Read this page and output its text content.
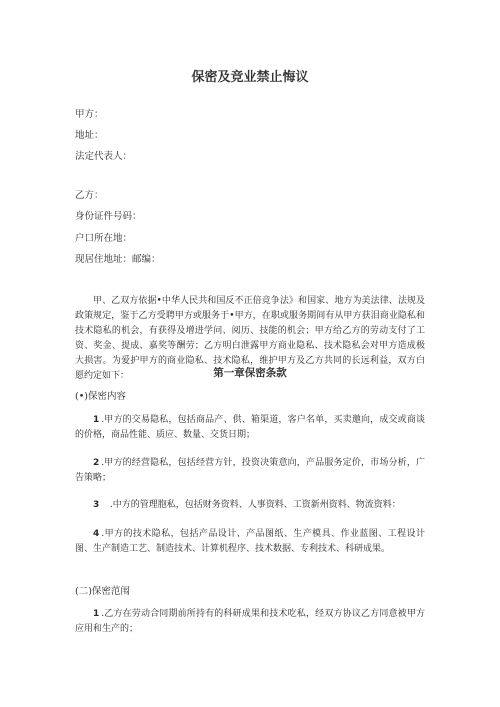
保密及竞业禁止悔议
甲方：
地址：
法定代表人：
乙方：
身份证件号码：
户口所在地：
现居住地址：邮编：

甲、乙双方依据•中华人民共和国反不正倍竞争法》和国家、地方为美法律、法规及政策规定，鉴于乙方受聘甲方或服务于•甲方，在职或服务期间有从甲方获泪商业隐私和技术隐私的机会，有获得及增进学问、阅历、技能的机会；甲方给乙方的劳动支付了工资、奖金、提成、嘉奖等酬劳；乙方明白泄露甲方商业隐私、技术隐私会对甲方造成极大损害。为爱护甲方的商业隐私、技术隐私，维护甲方及乙方共同的长远利益，双方白愿约定如下：	第一章保密条款
(•)保密内容

1 .甲方的交易隐私，包括商品产、供、箱渠道，客户名单，买卖邀向，成交或商谈的价格，商品性能、质应、数量、交货日期；

2 .甲方的经营隐私，包括经营方针，投资决策意向，产品服务定价，市场分析，广告策略；

3   .中方的管理胞私，包括财务资料、人事资料、工资新州资料、物流资料：

4 .甲方的技术隐私，包括产品设计、产品图纸、生产模具、作业蓝图、工程设计图、生产制造工艺、制造技术、计算机程序、技术数据、专利技术、科研成果。

(二)保密范闱

1 .乙方在劳动合同期前所持有的科研成果和技术吃私，经双方协议乙方同意被甲方应用和生产的；
